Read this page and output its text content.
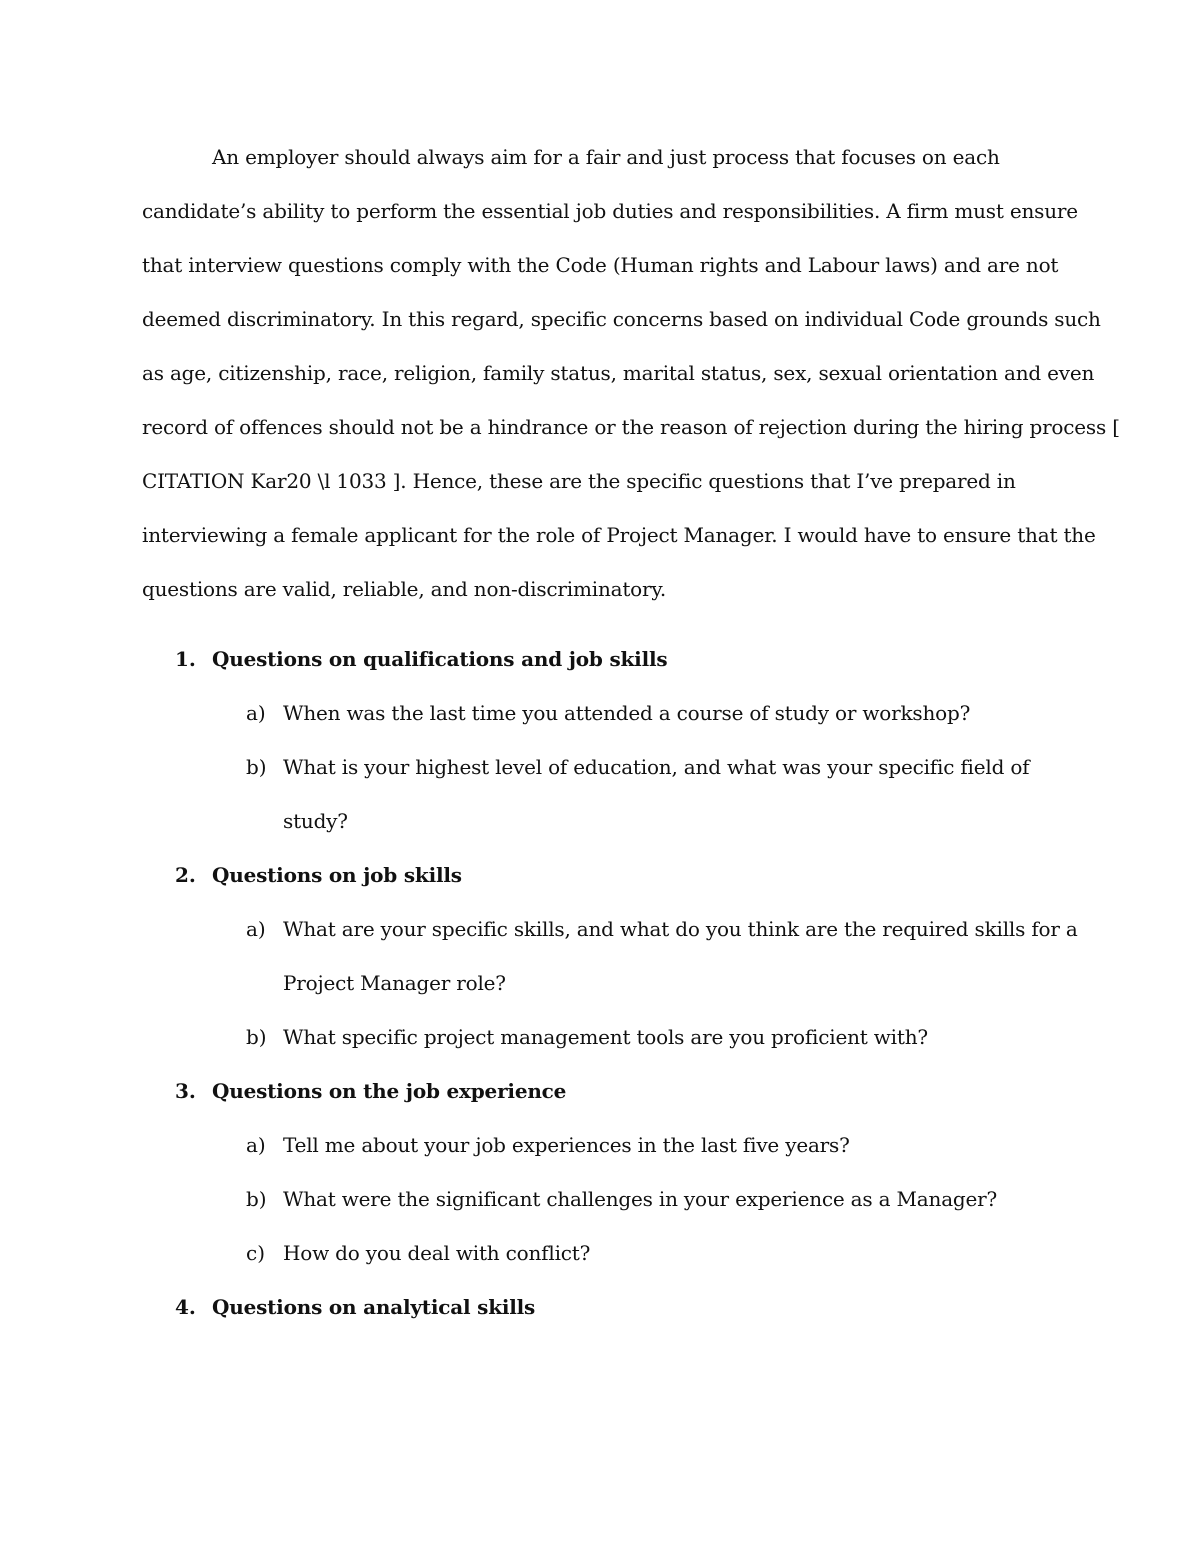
An employer should always aim for a fair and just process that focuses on each
candidate’s ability to perform the essential job duties and responsibilities. A firm must ensure
that interview questions comply with the Code (Human rights and Labour laws) and are not
deemed discriminatory. In this regard, specific concerns based on individual Code grounds such
as age, citizenship, race, religion, family status, marital status, sex, sexual orientation and even
record of offences should not be a hindrance or the reason of rejection during the hiring process [
CITATION Kar20 \l 1033 ]. Hence, these are the specific questions that I’ve prepared in
interviewing a female applicant for the role of Project Manager. I would have to ensure that the
questions are valid, reliable, and non-discriminatory.
1. Questions on qualifications and job skills
a) When was the last time you attended a course of study or workshop?
b) What is your highest level of education, and what was your specific field of
study?
2. Questions on job skills
a) What are your specific skills, and what do you think are the required skills for a
Project Manager role?
b) What specific project management tools are you proficient with?
3. Questions on the job experience
a) Tell me about your job experiences in the last five years?
b) What were the significant challenges in your experience as a Manager?
c) How do you deal with conflict?
4. Questions on analytical skills
